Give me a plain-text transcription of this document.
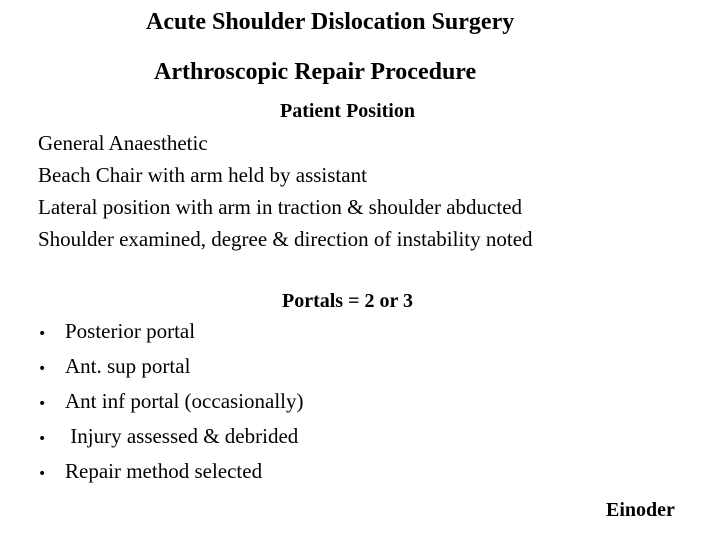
Acute Shoulder Dislocation Surgery
Arthroscopic Repair Procedure
Patient Position
General Anaesthetic
Beach Chair with arm held by assistant
Lateral position with arm in traction & shoulder abducted
Shoulder examined, degree & direction of instability noted
Portals = 2 or 3
• Posterior portal
• Ant. sup portal
• Ant inf portal (occasionally)
• Injury assessed & debrided
• Repair method selected
Einoder
